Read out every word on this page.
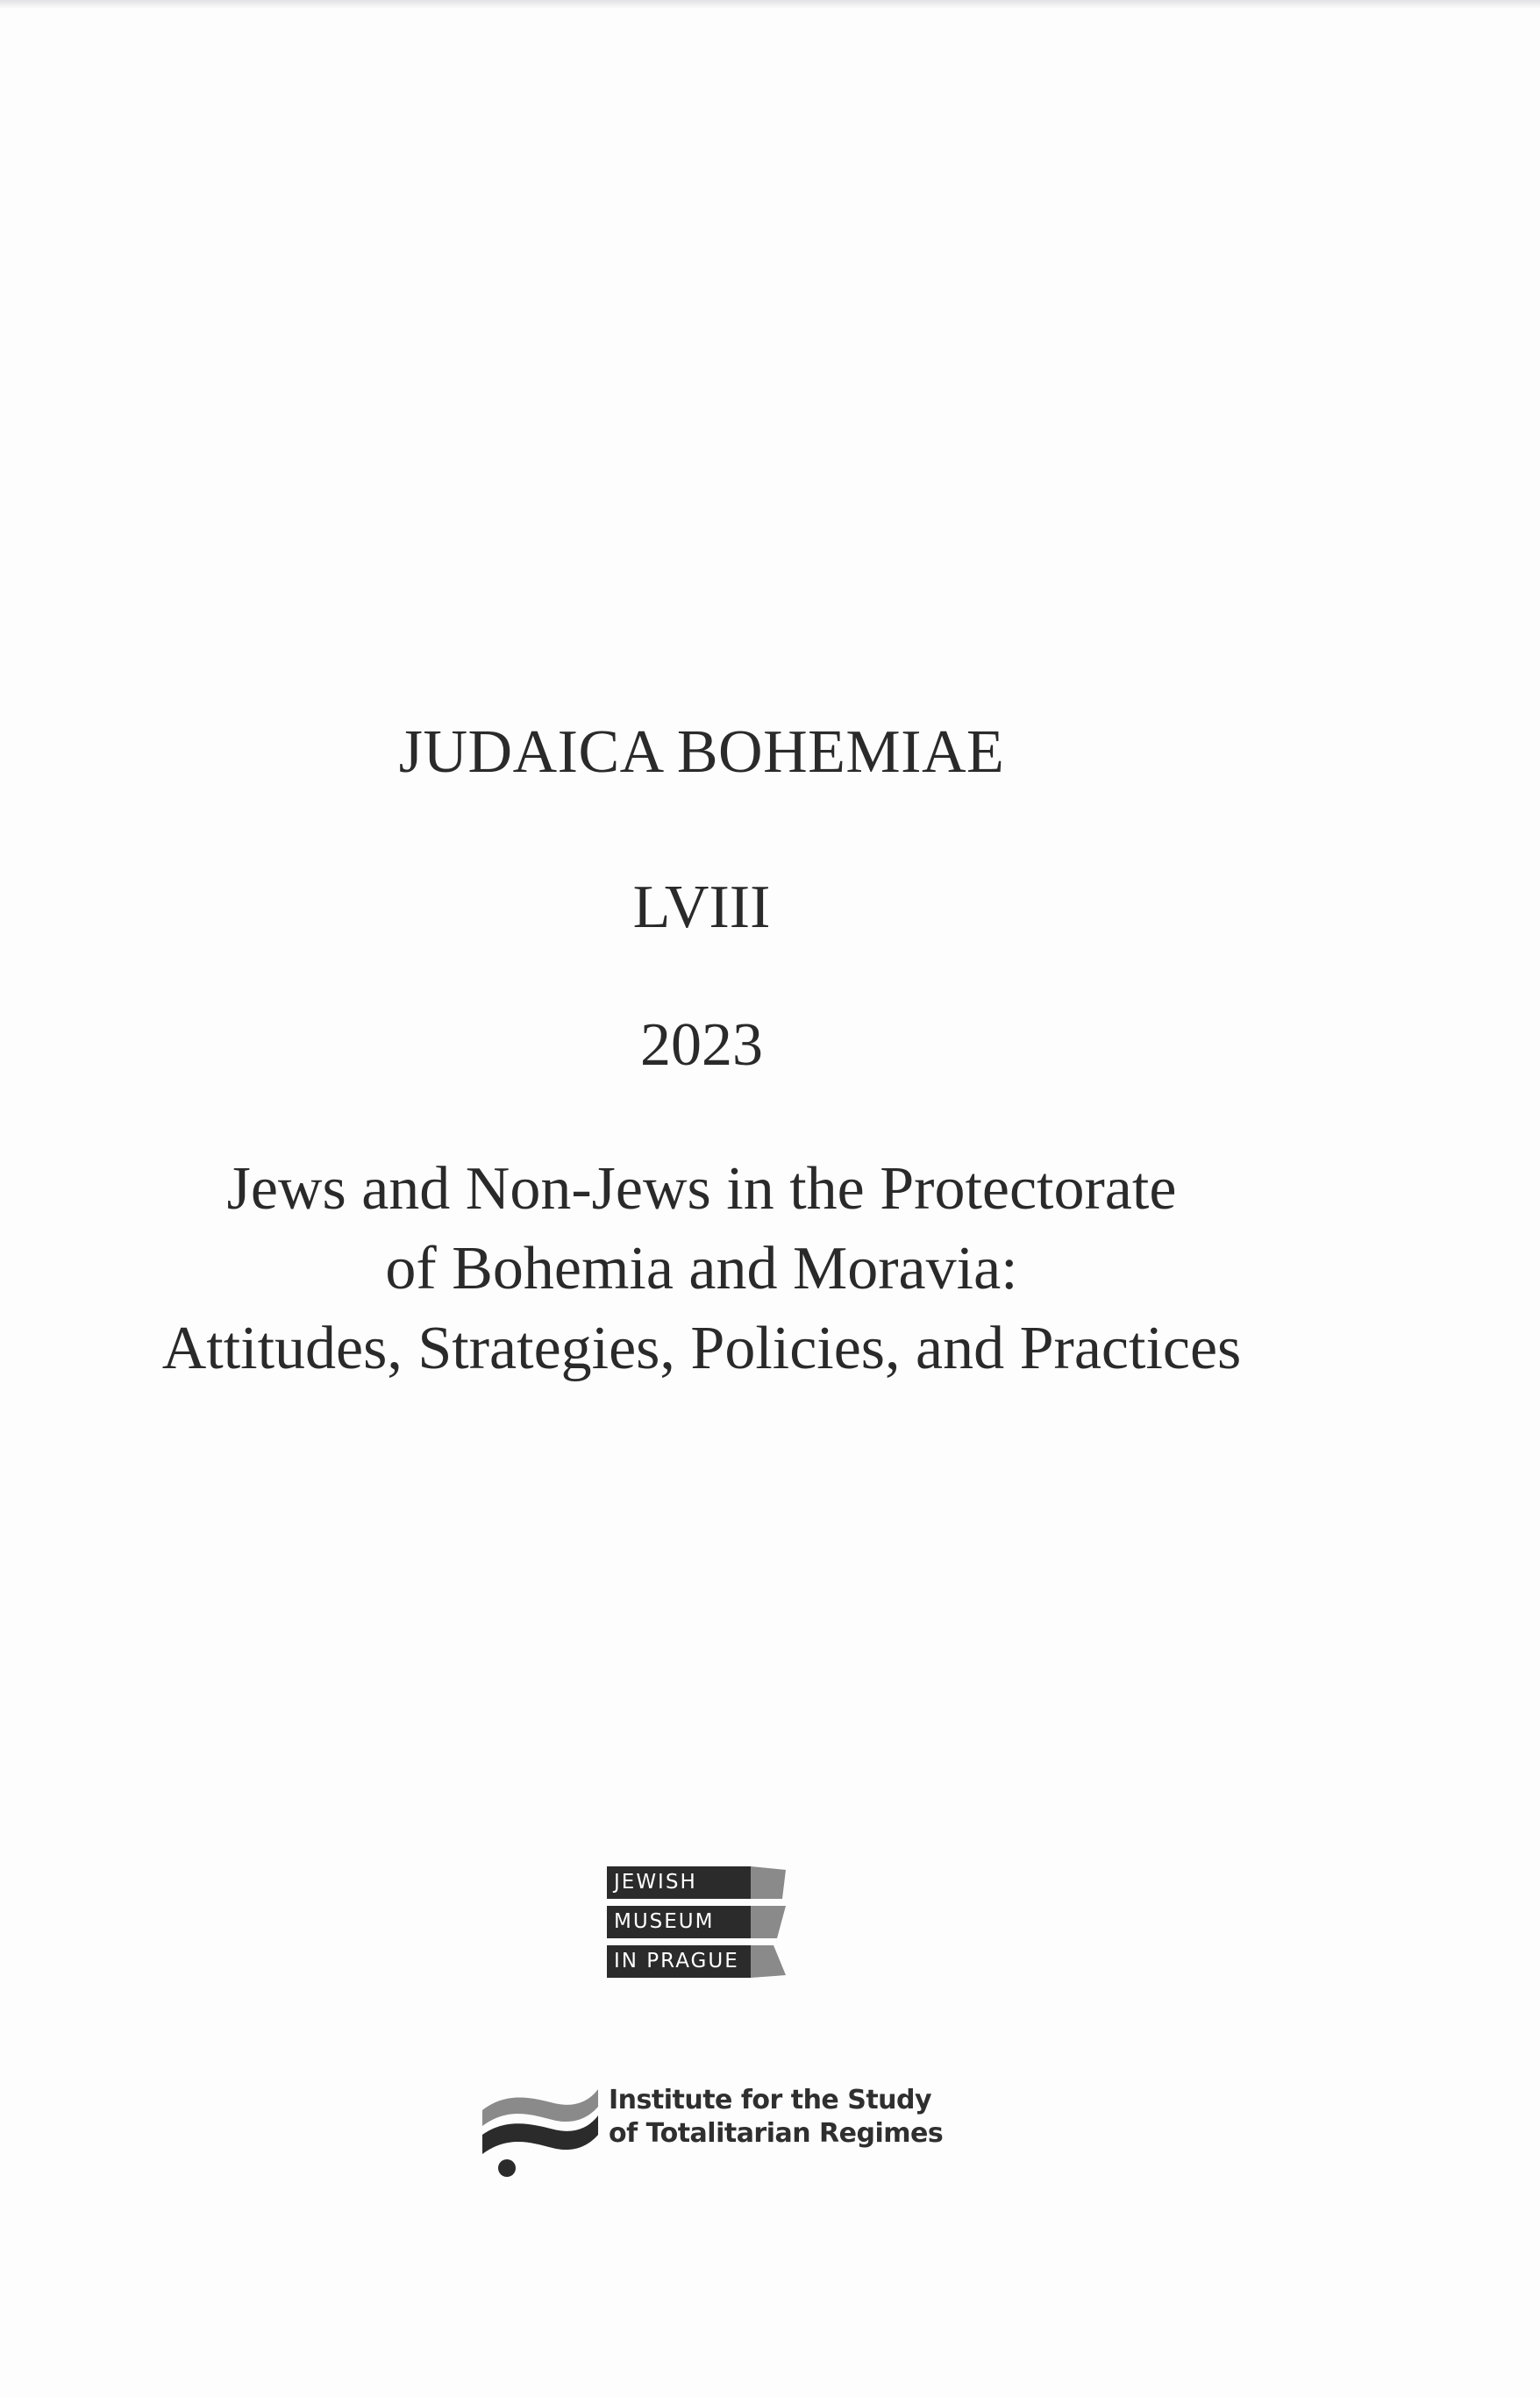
JUDAICA BOHEMIAE
LVIII
2023
Jews and Non-Jews in the Protectorate
of Bohemia and Moravia:
Attitudes, Strategies, Policies, and Practices
JEWISH
MUSEUM
IN PRAGUE
Institute for the Study
of Totalitarian Regimes
